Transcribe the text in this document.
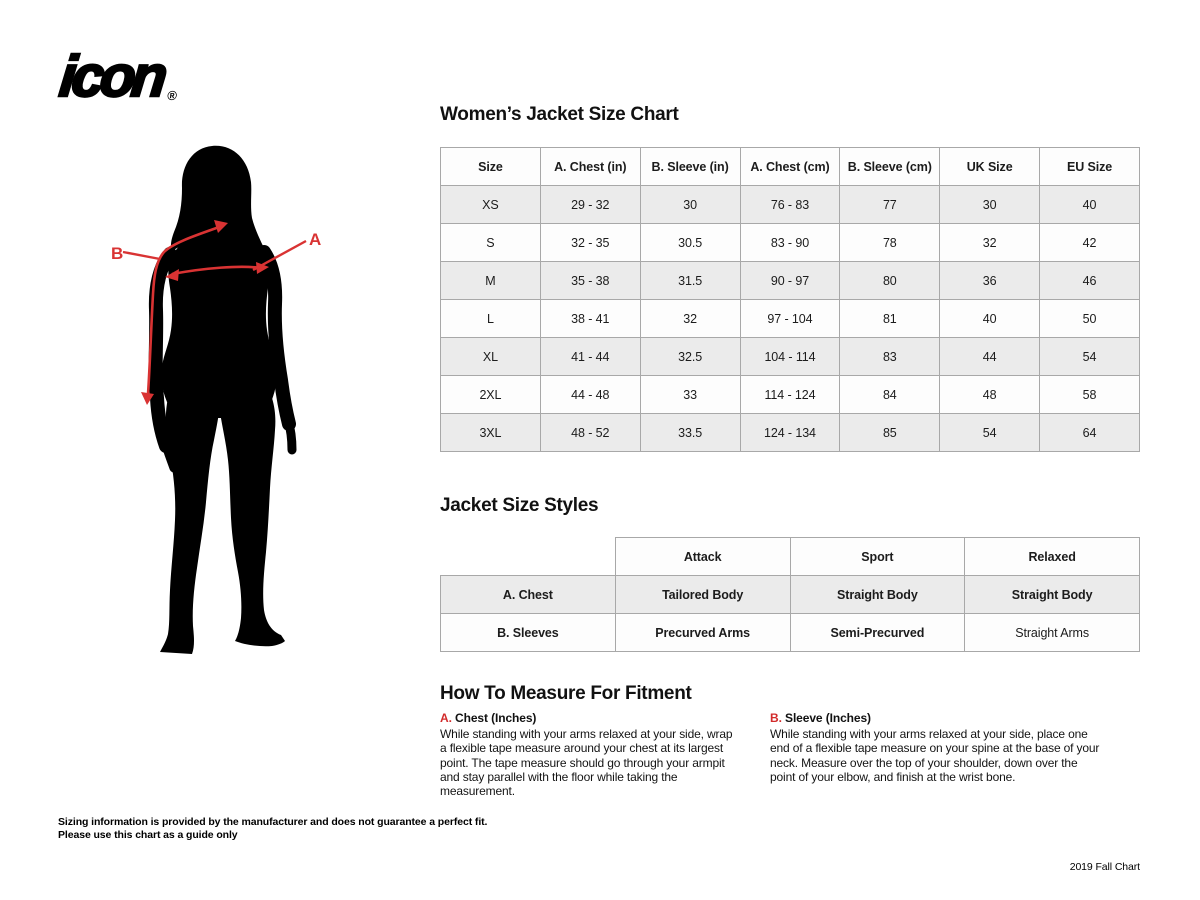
icon®
B
A
Women’s Jacket Size Chart
Size	A. Chest (in)	B. Sleeve (in)	A. Chest (cm)	B. Sleeve (cm)	UK Size	EU Size
XS	29 - 32	30	76 - 83	77	30	40
S	32 - 35	30.5	83 - 90	78	32	42
M	35 - 38	31.5	90 - 97	80	36	46
L	38 - 41	32	97 - 104	81	40	50
XL	41 - 44	32.5	104 - 114	83	44	54
2XL	44 - 48	33	114 - 124	84	48	58
3XL	48 - 52	33.5	124 - 134	85	54	64
Jacket Size Styles
	Attack	Sport	Relaxed
A. Chest	Tailored Body	Straight Body	Straight Body
B. Sleeves	Precurved Arms	Semi-Precurved	Straight Arms
How To Measure For Fitment
A. Chest (Inches)
While standing with your arms relaxed at your side, wrap a flexible tape measure around your chest at its largest point. The tape measure should go through your armpit and stay parallel with the floor while taking the measurement.
B. Sleeve (Inches)
While standing with your arms relaxed at your side, place one end of a flexible tape measure on your spine at the base of your neck. Measure over the top of your shoulder, down over the point of your elbow, and finish at the wrist bone.
Sizing information is provided by the manufacturer and does not guarantee a perfect fit.
Please use this chart as a guide only
2019 Fall Chart
